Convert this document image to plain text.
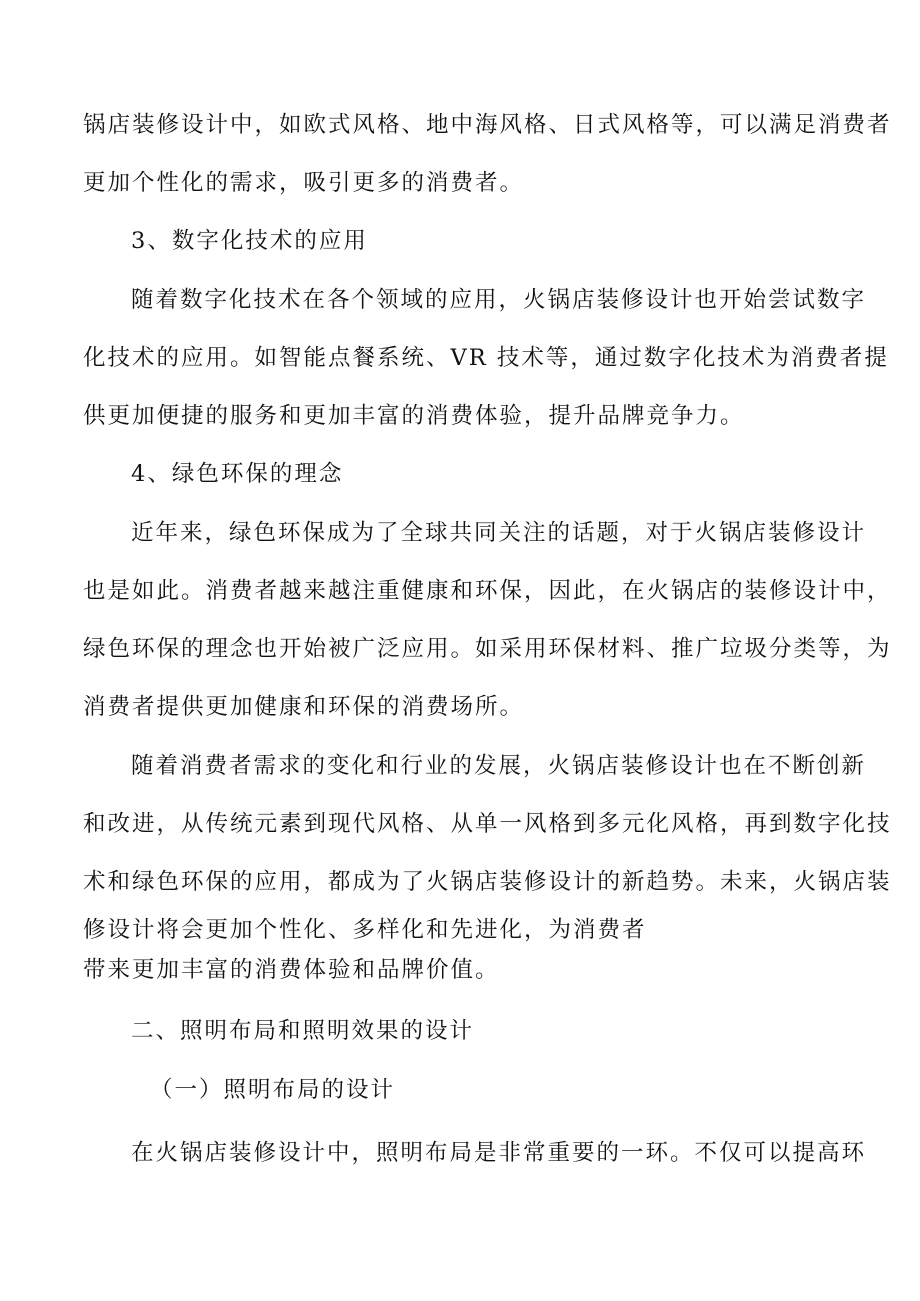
锅店装修设计中，如欧式风格、地中海风格、日式风格等，可以满足消费者
更加个性化的需求，吸引更多的消费者。
3、数字化技术的应用
随着数字化技术在各个领域的应用，火锅店装修设计也开始尝试数字
化技术的应用。如智能点餐系统、VR 技术等，通过数字化技术为消费者提
供更加便捷的服务和更加丰富的消费体验，提升品牌竞争力。
4、绿色环保的理念
近年来，绿色环保成为了全球共同关注的话题，对于火锅店装修设计
也是如此。消费者越来越注重健康和环保，因此，在火锅店的装修设计中，
绿色环保的理念也开始被广泛应用。如采用环保材料、推广垃圾分类等，为
消费者提供更加健康和环保的消费场所。
随着消费者需求的变化和行业的发展，火锅店装修设计也在不断创新
和改进，从传统元素到现代风格、从单一风格到多元化风格，再到数字化技
术和绿色环保的应用，都成为了火锅店装修设计的新趋势。未来，火锅店装
修设计将会更加个性化、多样化和先进化，为消费者
带来更加丰富的消费体验和品牌价值。
二、照明布局和照明效果的设计
（一）照明布局的设计
在火锅店装修设计中，照明布局是非常重要的一环。不仅可以提高环
